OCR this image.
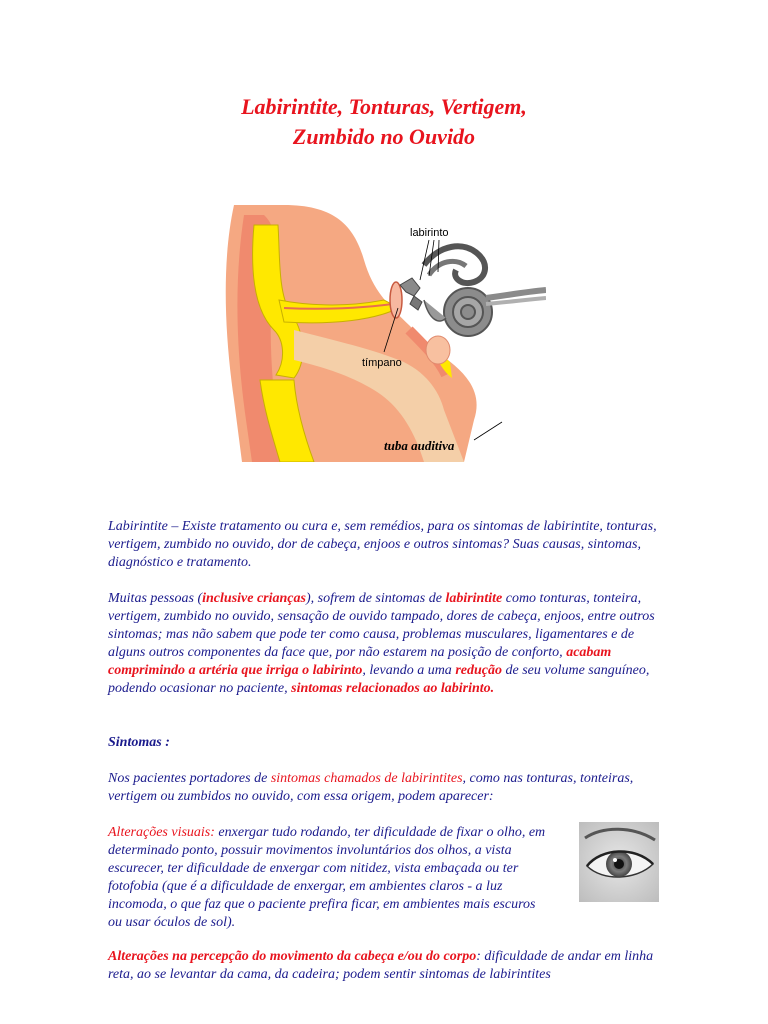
Labirintite, Tonturas, Vertigem,
Zumbido no Ouvido
labirinto
tímpano
tuba auditiva

Labirintite – Existe tratamento ou cura e, sem remédios, para os sintomas de labirintite, tonturas, vertigem, zumbido no ouvido, dor de cabeça, enjoos e outros sintomas? Suas causas, sintomas, diagnóstico e tratamento.

Muitas pessoas (inclusive crianças), sofrem de sintomas de labirintite como tonturas, tonteira, vertigem, zumbido no ouvido, sensação de ouvido tampado, dores de cabeça, enjoos, entre outros sintomas; mas não sabem que pode ter como causa, problemas musculares, ligamentares e de alguns outros componentes da face que, por não estarem na posição de conforto, acabam comprimindo a artéria que irriga o labirinto, levando a uma redução de seu volume sanguíneo, podendo ocasionar no paciente, sintomas relacionados ao labirinto.

Sintomas :

Nos pacientes portadores de sintomas chamados de labirintites, como nas tonturas, tonteiras, vertigem ou zumbidos no ouvido, com essa origem, podem aparecer:

Alterações visuais: enxergar tudo rodando, ter dificuldade de fixar o olho, em determinado ponto, possuir movimentos involuntários dos olhos, a vista escurecer, ter dificuldade de enxergar com nitidez, vista embaçada ou ter fotofobia (que é a dificuldade de enxergar, em ambientes claros - a luz incomoda, o que faz que o paciente prefira ficar, em ambientes mais escuros ou usar óculos de sol).

Alterações na percepção do movimento da cabeça e/ou do corpo: dificuldade de andar em linha reta, ao se levantar da cama, da cadeira; podem sentir sintomas de labirintites
